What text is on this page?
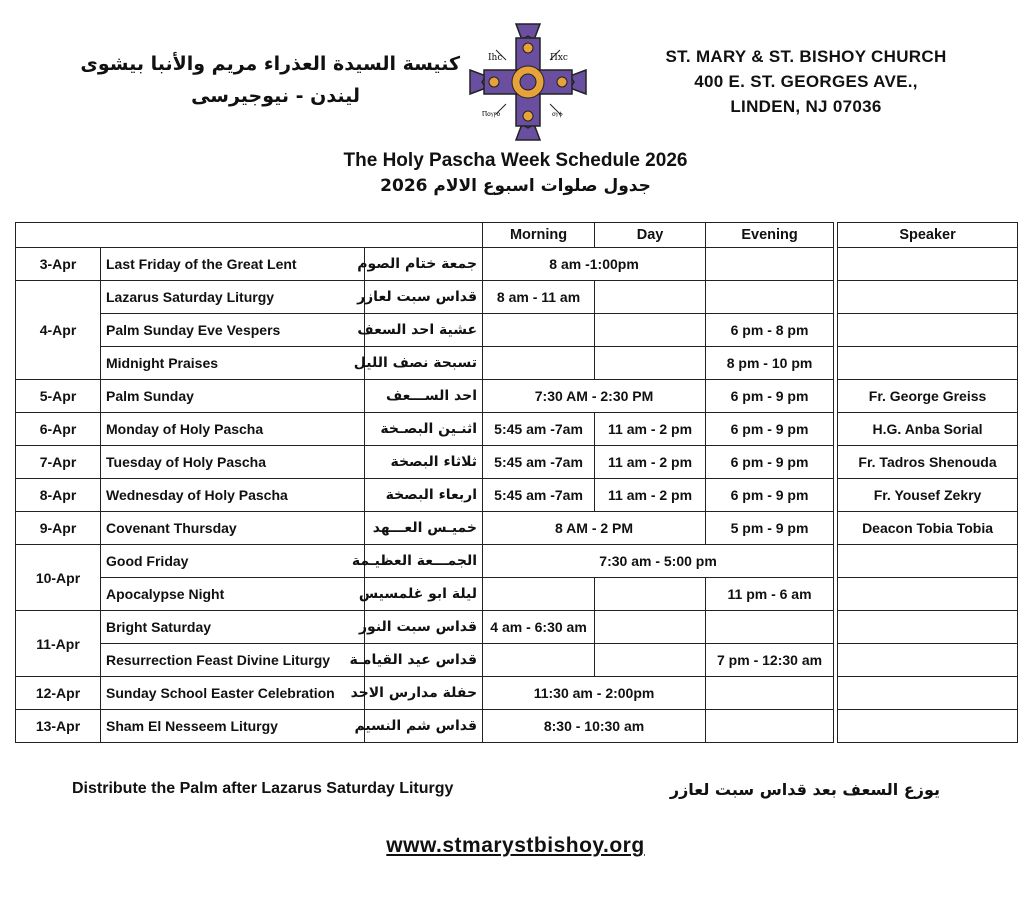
كنيسة السيدة العذراء مريم والأنبا بيشوى
ليندن - نيوجيرسى
Ihc	Πxc
Ⲡⲟⲩⲣⲟ	ⲟⲩⲫ
ST. MARY & ST. BISHOY CHURCH
400 E. ST. GEORGES AVE.,
LINDEN, NJ 07036
The Holy Pascha Week Schedule 2026
جدول صلوات اسبوع الالام 2026
			Morning	Day	Evening		Speaker
3-Apr	Last Friday of the Great Lent	جمعة ختام الصوم	8 am -1:00pm				
4-Apr	Lazarus Saturday Liturgy	قداس سبت لعازر	8 am - 11 am				
	Palm Sunday Eve Vespers	عشية احد السعف			6 pm - 8 pm		
	Midnight Praises	تسبحة نصف الليل			8 pm - 10 pm		
5-Apr	Palm Sunday	احد الســـعف	7:30 AM - 2:30 PM		6 pm - 9 pm		Fr. George Greiss
6-Apr	Monday of Holy Pascha	اثنـين البصـخة	5:45 am -7am	11 am - 2 pm	6 pm - 9 pm		H.G. Anba Sorial
7-Apr	Tuesday of Holy Pascha	ثلاثاء البصخة	5:45 am -7am	11 am - 2 pm	6 pm - 9 pm		Fr. Tadros Shenouda
8-Apr	Wednesday of Holy Pascha	اربعاء البصخة	5:45 am -7am	11 am - 2 pm	6 pm - 9 pm		Fr. Yousef Zekry
9-Apr	Covenant Thursday	خميـس العـــهد	8 AM - 2 PM		5 pm - 9 pm		Deacon Tobia Tobia
10-Apr	Good Friday	الجمـــعة العظيـمة	7:30 am - 5:00 pm				
	Apocalypse Night	ليلة ابو غلمسيس			11 pm - 6 am		
11-Apr	Bright Saturday	قداس سبت النور	4 am - 6:30 am				
	Resurrection Feast Divine Liturgy	قداس عيد القيامـة			7 pm - 12:30 am		
12-Apr	Sunday School Easter Celebration	حفلة مدارس الاحد	11:30 am - 2:00pm				
13-Apr	Sham El Nesseem Liturgy	قداس شم النسيم	8:30 - 10:30 am				
Distribute the Palm after Lazarus Saturday Liturgy	يوزع السعف بعد قداس سبت لعازر
www.stmarystbishoy.org
